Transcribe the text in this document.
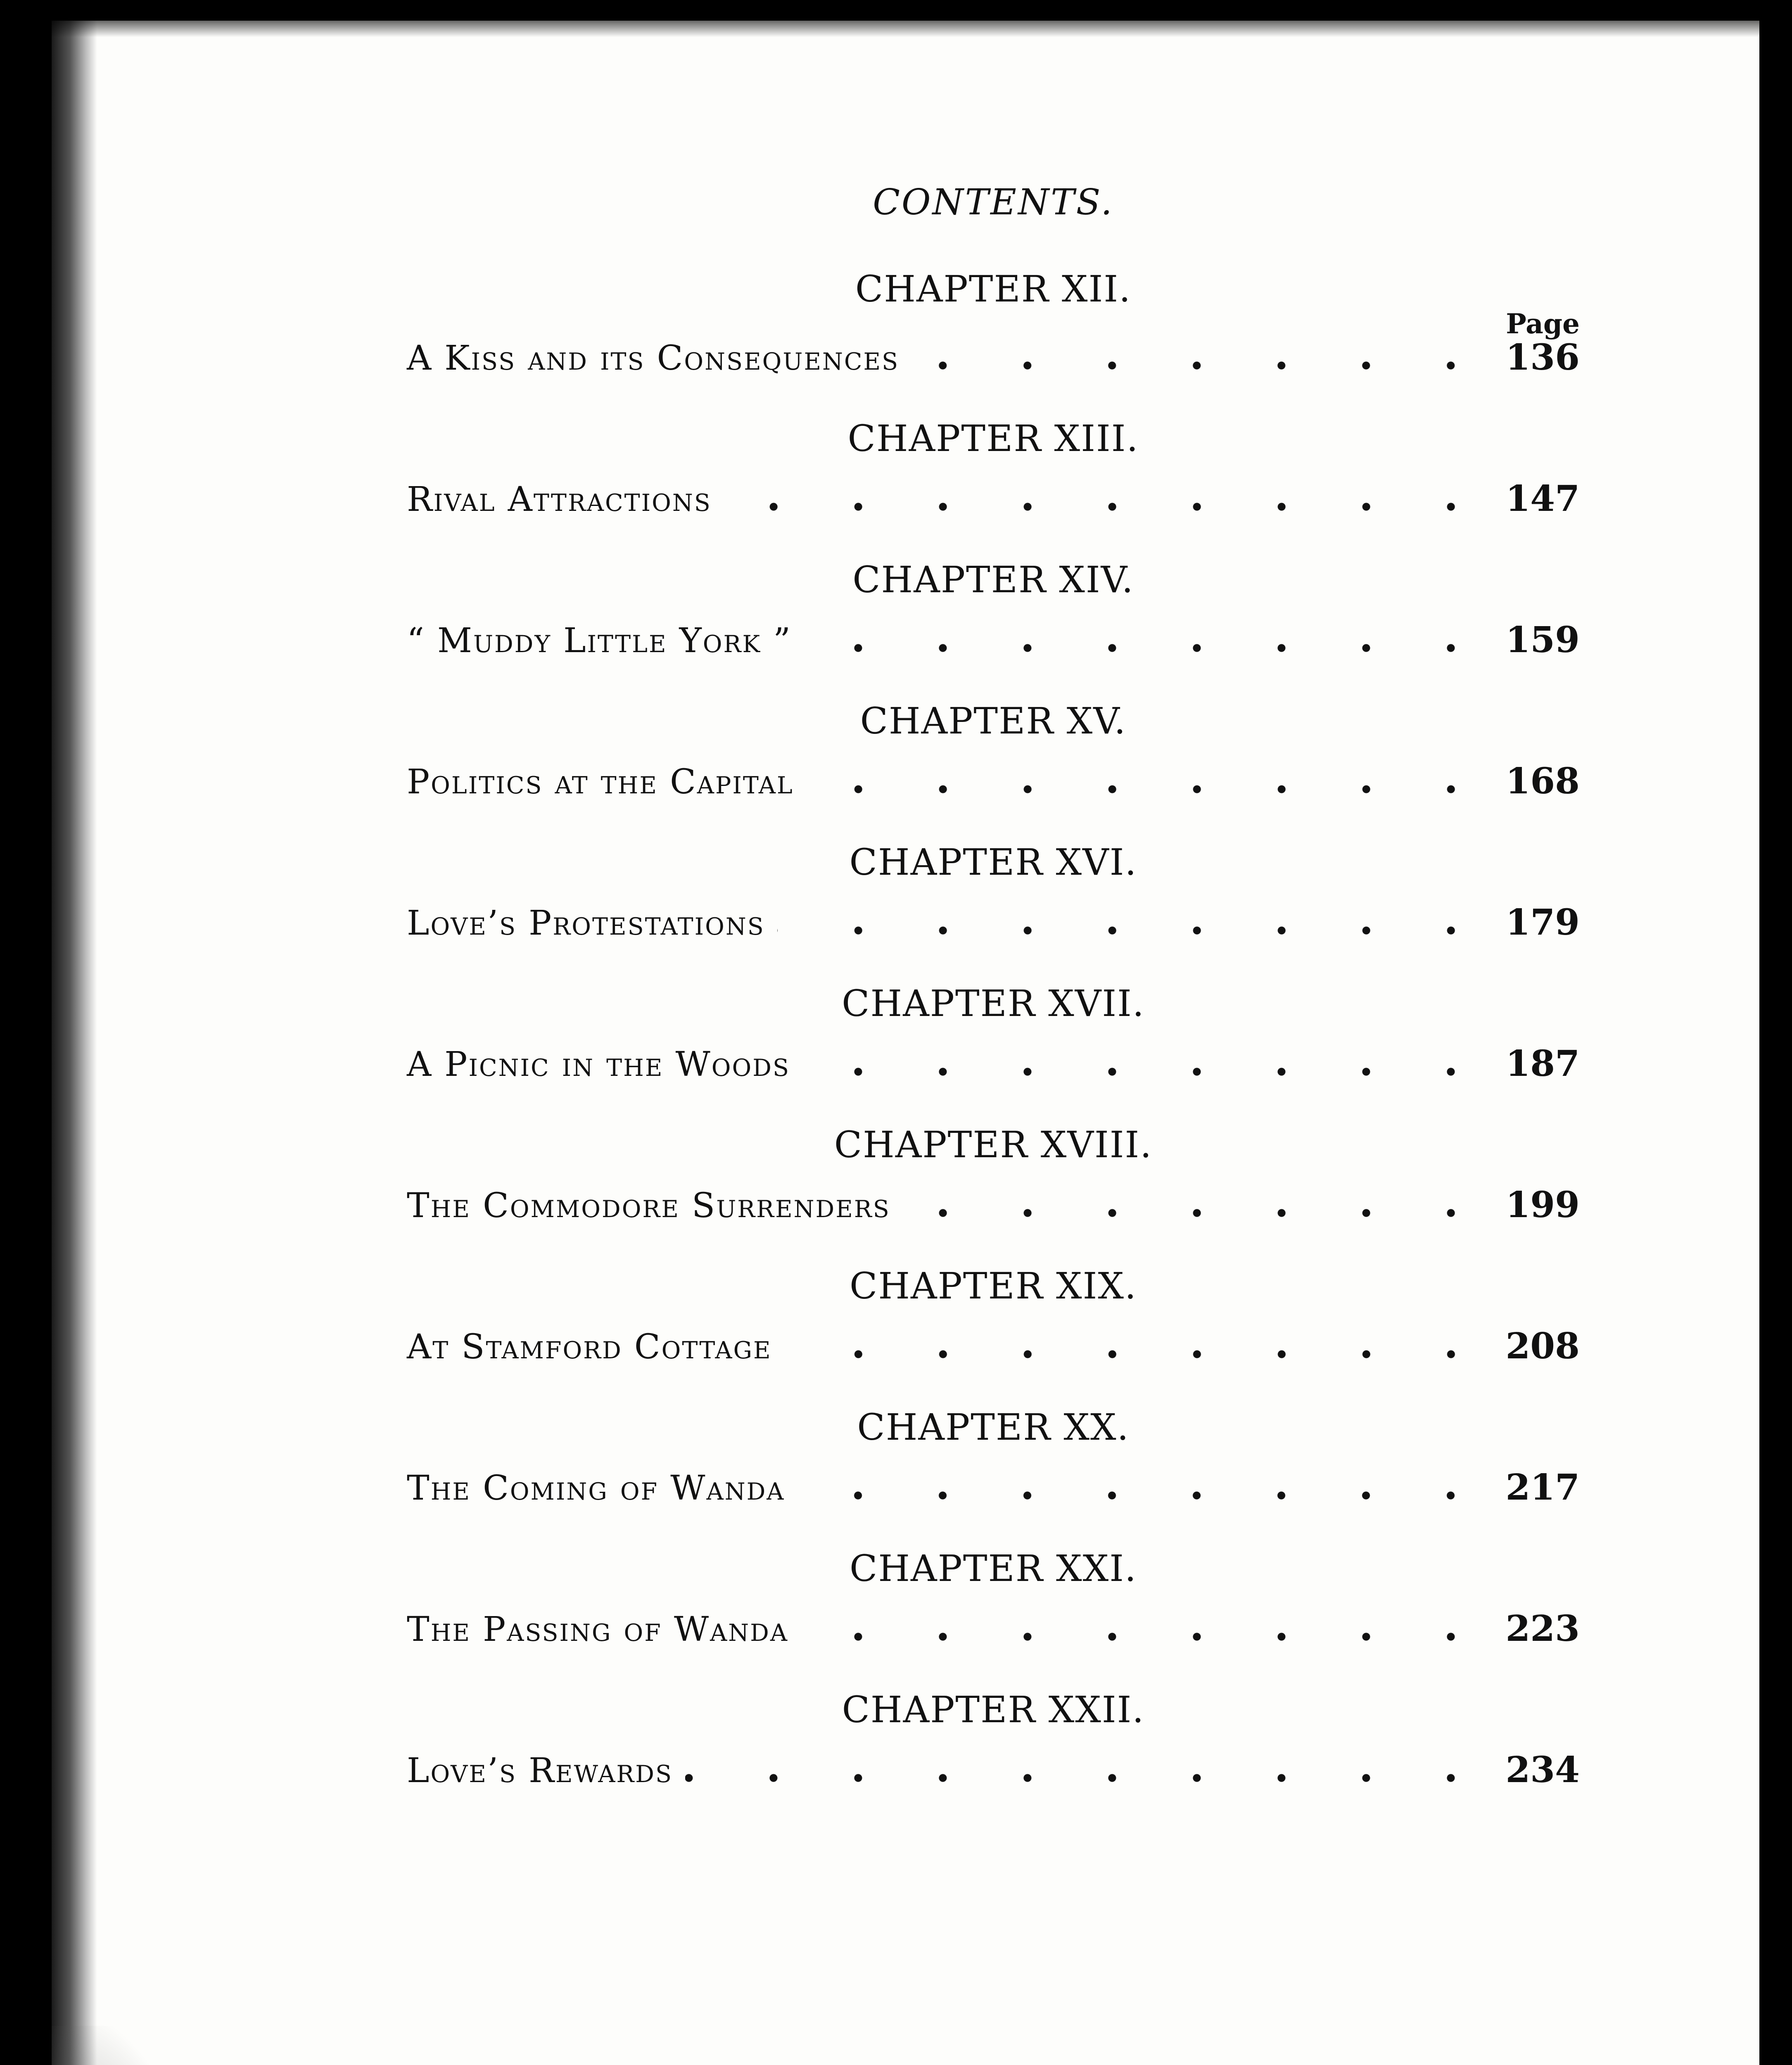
CONTENTS.
CHAPTER XII.
Page
A Kiss and its Consequences	136
CHAPTER XIII.
Rival Attractions	147
CHAPTER XIV.
“ Muddy Little York ”	159
CHAPTER XV.
Politics at the Capital	168
CHAPTER XVI.
Love’s Protestations	179
CHAPTER XVII.
A Picnic in the Woods	187
CHAPTER XVIII.
The Commodore Surrenders	199
CHAPTER XIX.
At Stamford Cottage	208
CHAPTER XX.
The Coming of Wanda	217
CHAPTER XXI.
The Passing of Wanda	223
CHAPTER XXII.
Love’s Rewards	234
